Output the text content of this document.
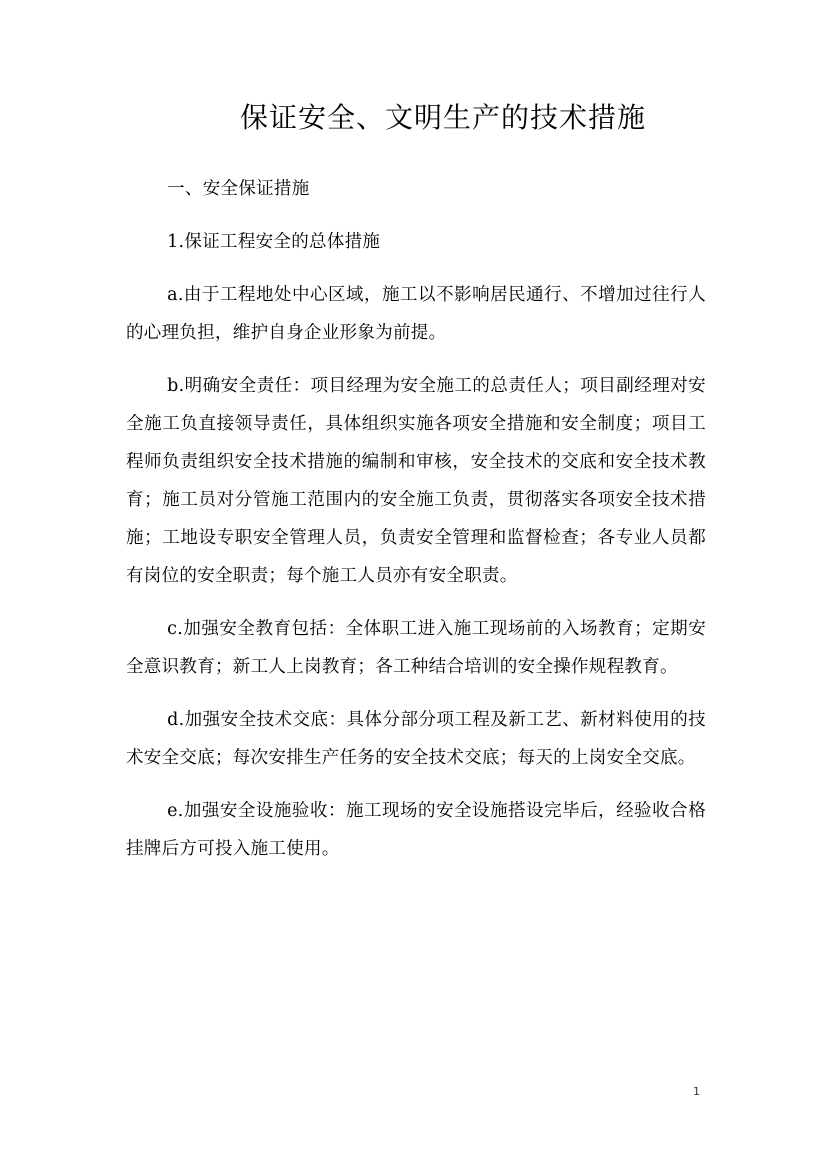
保证安全、文明生产的技术措施

一、安全保证措施

1.保证工程安全的总体措施

a.由于工程地处中心区域，施工以不影响居民通行、不增加过往行人的心理负担，维护自身企业形象为前提。

b.明确安全责任：项目经理为安全施工的总责任人；项目副经理对安全施工负直接领导责任，具体组织实施各项安全措施和安全制度；项目工程师负责组织安全技术措施的编制和审核，安全技术的交底和安全技术教育；施工员对分管施工范围内的安全施工负责，贯彻落实各项安全技术措施；工地设专职安全管理人员，负责安全管理和监督检查；各专业人员都有岗位的安全职责；每个施工人员亦有安全职责。

c.加强安全教育包括：全体职工进入施工现场前的入场教育；定期安全意识教育；新工人上岗教育；各工种结合培训的安全操作规程教育。

d.加强安全技术交底：具体分部分项工程及新工艺、新材料使用的技术安全交底；每次安排生产任务的安全技术交底；每天的上岗安全交底。

e.加强安全设施验收：施工现场的安全设施搭设完毕后，经验收合格挂牌后方可投入施工使用。

1
